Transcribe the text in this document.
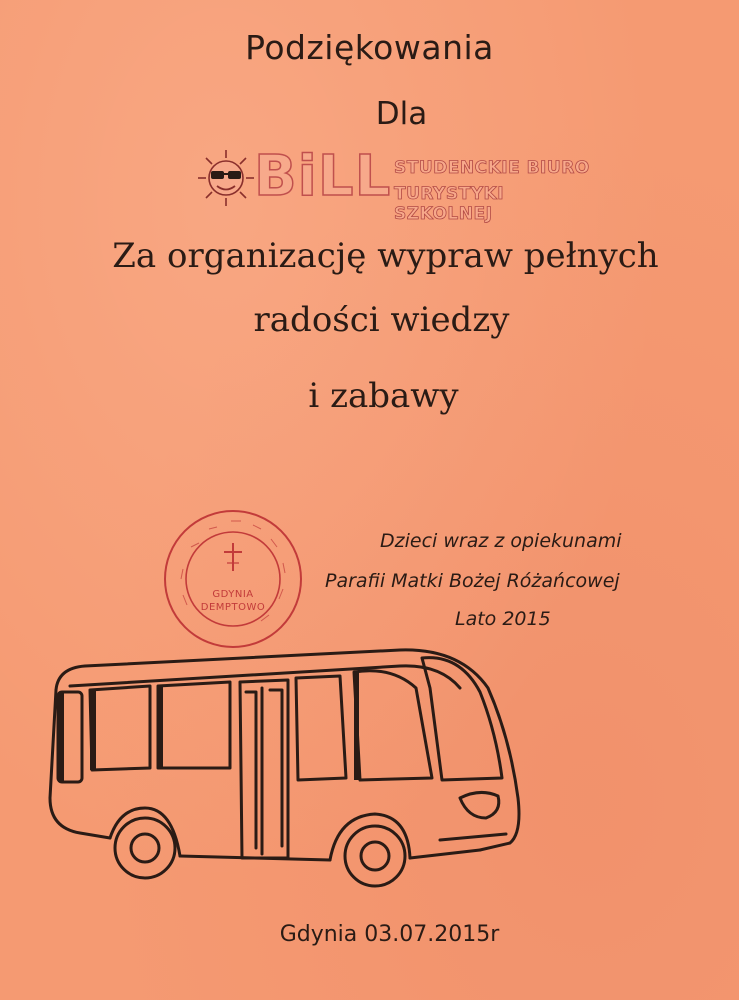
Podziękowania
Dla
BiLL STUDENCKIE BIURO
TURYSTYKI SZKOLNEJ
Za organizację wypraw pełnych
radości wiedzy
i zabawy
GDYNIA
DEMPTOWO
Dzieci wraz z opiekunami
Parafii Matki Bożej Różańcowej
Lato 2015
Gdynia 03.07.2015r
